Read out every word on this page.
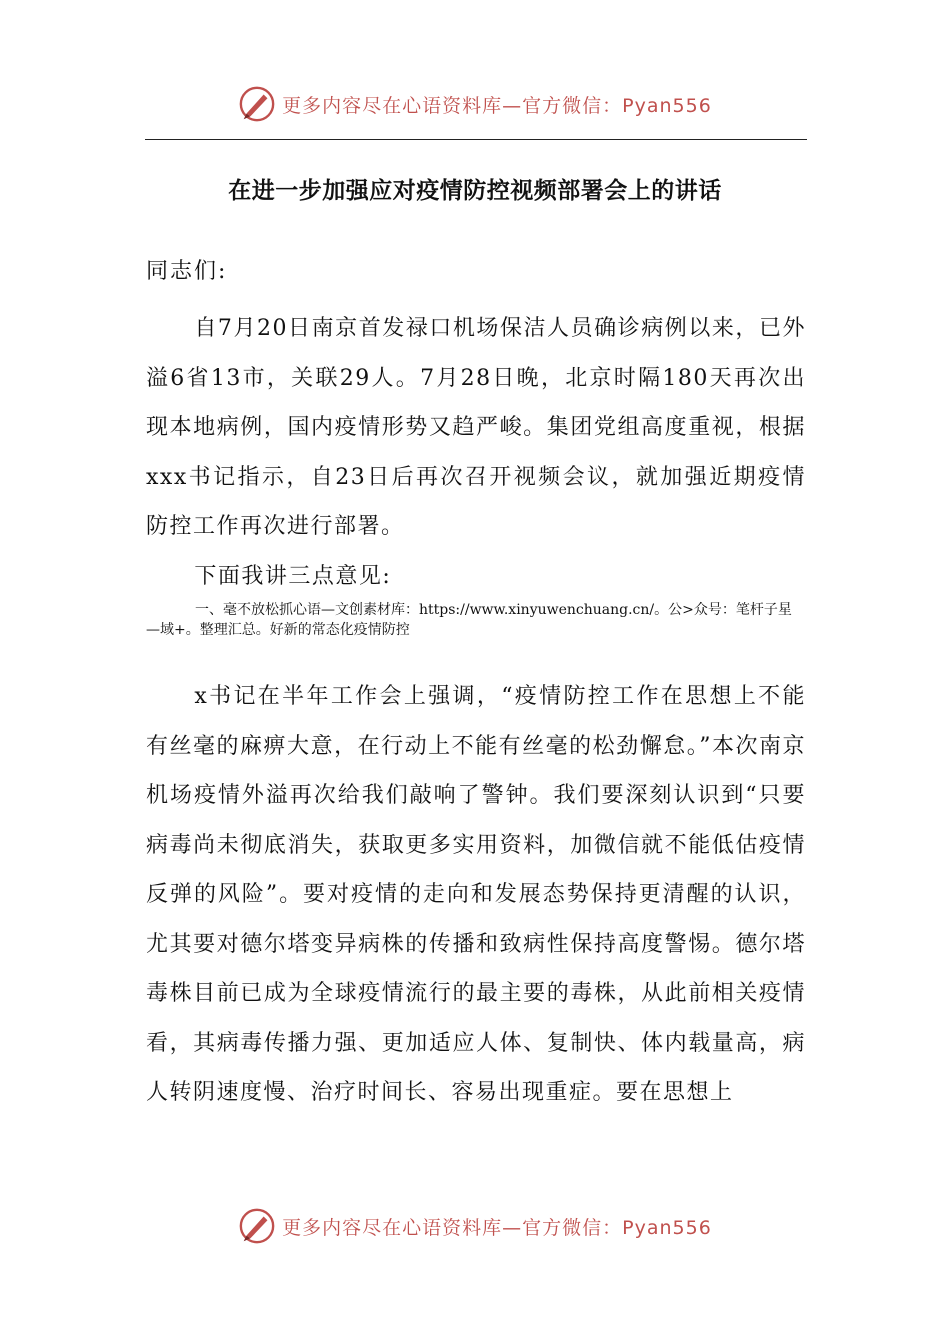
更多内容尽在心语资料库—官方微信：Pyan556
在进一步加强应对疫情防控视频部署会上的讲话
同志们:

自7月20日南京首发禄口机场保洁人员确诊病例以来，已外溢6省13市，关联29人。7月28日晚，北京时隔180天再次出现本地病例，国内疫情形势又趋严峻。集团党组高度重视，根据xxx书记指示，自23日后再次召开视频会议，就加强近期疫情防控工作再次进行部署。

下面我讲三点意见:

一、毫不放松抓心语—文创素材库：https://www.xinyuwenchuang.cn/。公>众号：笔杆子星—域+。整理汇总。好新的常态化疫情防控

x书记在半年工作会上强调，“疫情防控工作在思想上不能有丝毫的麻痹大意，在行动上不能有丝毫的松劲懈怠。”本次南京机场疫情外溢再次给我们敲响了警钟。我们要深刻认识到“只要病毒尚未彻底消失，获取更多实用资料，加微信就不能低估疫情反弹的风险”。要对疫情的走向和发展态势保持更清醒的认识，尤其要对德尔塔变异病株的传播和致病性保持高度警惕。德尔塔毒株目前已成为全球疫情流行的最主要的毒株，从此前相关疫情看，其病毒传播力强、更加适应人体、复制快、体内载量高，病人转阴速度慢、治疗时间长、容易出现重症。要在思想上

更多内容尽在心语资料库—官方微信：Pyan556
